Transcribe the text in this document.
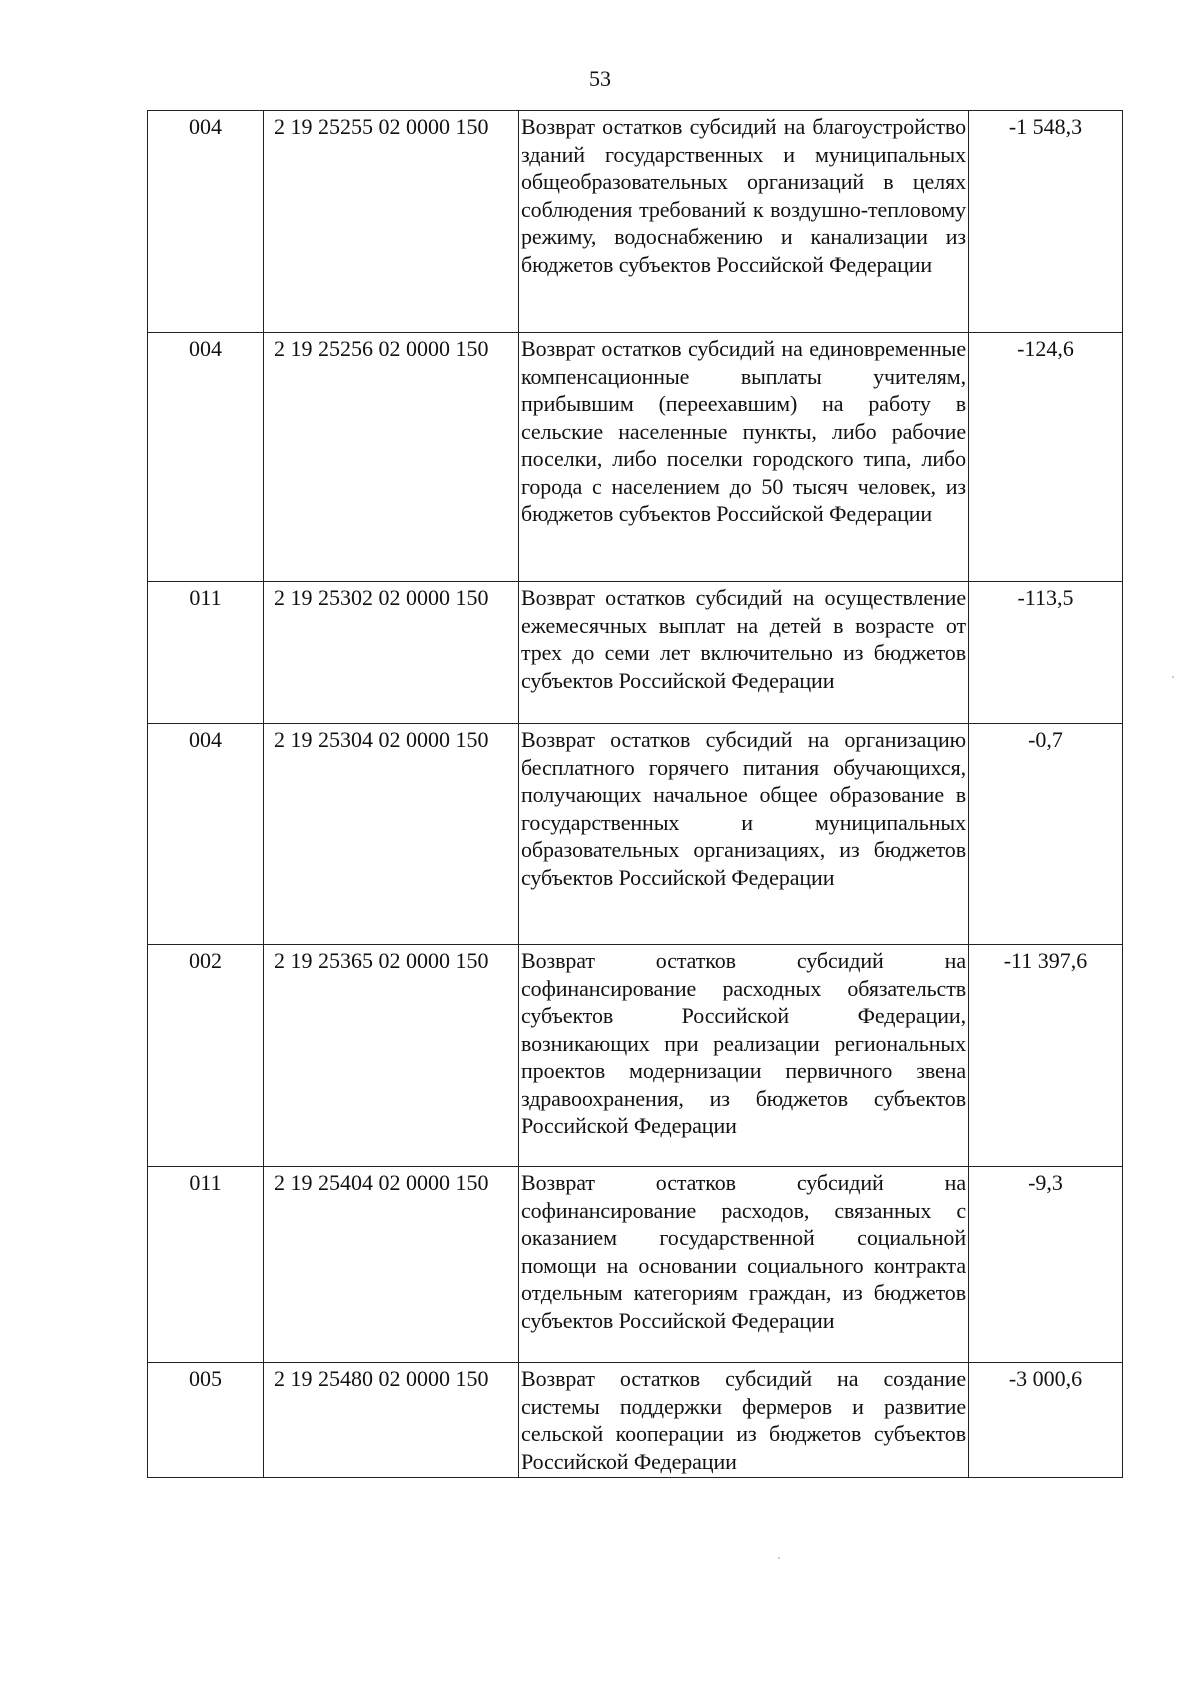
53
004	2 19 25255 02 0000 150	Возврат остатков субсидий на благоустройство зданий государственных и муниципальных общеобразовательных организаций в целях соблюдения требований к воздушно-тепловому режиму, водоснабжению и канализации из бюджетов субъектов Российской Федерации	-1 548,3
004	2 19 25256 02 0000 150	Возврат остатков субсидий на единовременные компенсационные выплаты учителям, прибывшим (переехавшим) на работу в сельские населенные пункты, либо рабочие поселки, либо поселки городского типа, либо города с населением до 50 тысяч человек, из бюджетов субъектов Российской Федерации	-124,6
011	2 19 25302 02 0000 150	Возврат остатков субсидий на осуществление ежемесячных выплат на детей в возрасте от трех до семи лет включительно из бюджетов субъектов Российской Федерации	-113,5
004	2 19 25304 02 0000 150	Возврат остатков субсидий на организацию бесплатного горячего питания обучающихся, получающих начальное общее образование в государственных и муниципальных образовательных организациях, из бюджетов субъектов Российской Федерации	-0,7
002	2 19 25365 02 0000 150	Возврат остатков субсидий на софинансирование расходных обязательств субъектов Российской Федерации, возникающих при реализации региональных проектов модернизации первичного звена здравоохранения, из бюджетов субъектов Российской Федерации	-11 397,6
011	2 19 25404 02 0000 150	Возврат остатков субсидий на софинансирование расходов, связанных с оказанием государственной социальной помощи на основании социального контракта отдельным категориям граждан, из бюджетов субъектов Российской Федерации	-9,3
005	2 19 25480 02 0000 150	Возврат остатков субсидий на создание системы поддержки фермеров и развитие сельской кооперации из бюджетов субъектов Российской Федерации	-3 000,6
